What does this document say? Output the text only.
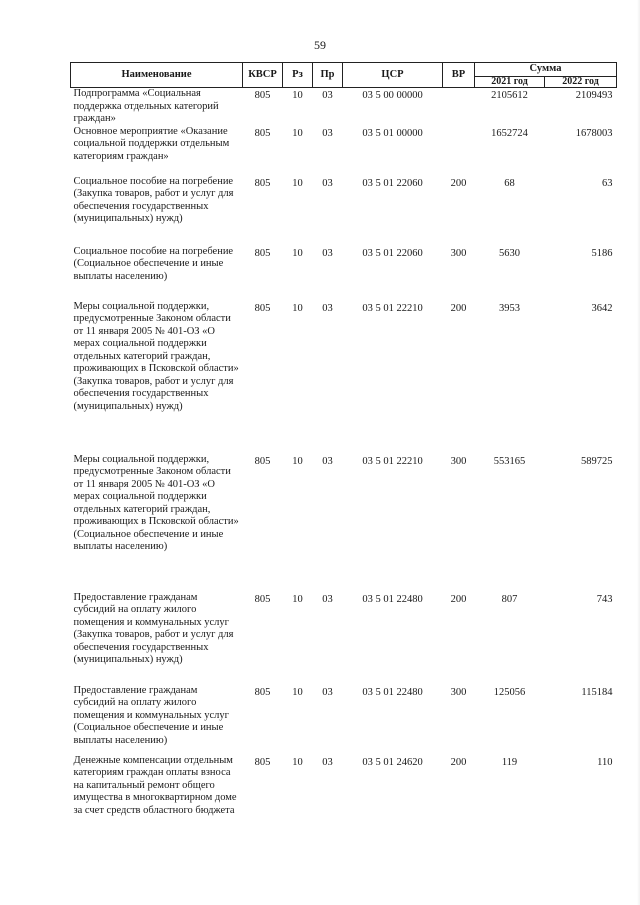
59
Наименование	КВСР	Рз	Пр	ЦСР	ВР	Сумма	
						2021 год	2022 год
Подпрограмма «Социальная поддержка отдельных категорий граждан»	805	10	03	03 5 00 00000		2105612	2109493
Основное мероприятие «Оказание социальной поддержки отдельным категориям граждан»	805	10	03	03 5 01 00000		1652724	1678003
Социальное пособие на погребение (Закупка товаров, работ и услуг для обеспечения государственных (муниципальных) нужд)	805	10	03	03 5 01 22060	200	68	63
Социальное пособие на погребение (Социальное обеспечение и иные выплаты населению)	805	10	03	03 5 01 22060	300	5630	5186
Меры социальной поддержки, предусмотренные Законом области от 11 января 2005 № 401-ОЗ «О мерах социальной поддержки отдельных категорий граждан, проживающих в Псковской области» (Закупка товаров, работ и услуг для обеспечения государственных (муниципальных) нужд)	805	10	03	03 5 01 22210	200	3953	3642
Меры социальной поддержки, предусмотренные Законом области от 11 января 2005 № 401-ОЗ «О мерах социальной поддержки отдельных категорий граждан, проживающих в Псковской области» (Социальное обеспечение и иные выплаты населению)	805	10	03	03 5 01 22210	300	553165	589725
Предоставление гражданам субсидий на оплату жилого помещения и коммунальных услуг (Закупка товаров, работ и услуг для обеспечения государственных (муниципальных) нужд)	805	10	03	03 5 01 22480	200	807	743
Предоставление гражданам субсидий на оплату жилого помещения и коммунальных услуг (Социальное обеспечение и иные выплаты населению)	805	10	03	03 5 01 22480	300	125056	115184
Денежные компенсации отдельным категориям граждан оплаты взноса на капитальный ремонт общего имущества в многоквартирном доме за счет средств областного бюджета	805	10	03	03 5 01 24620	200	119	110
